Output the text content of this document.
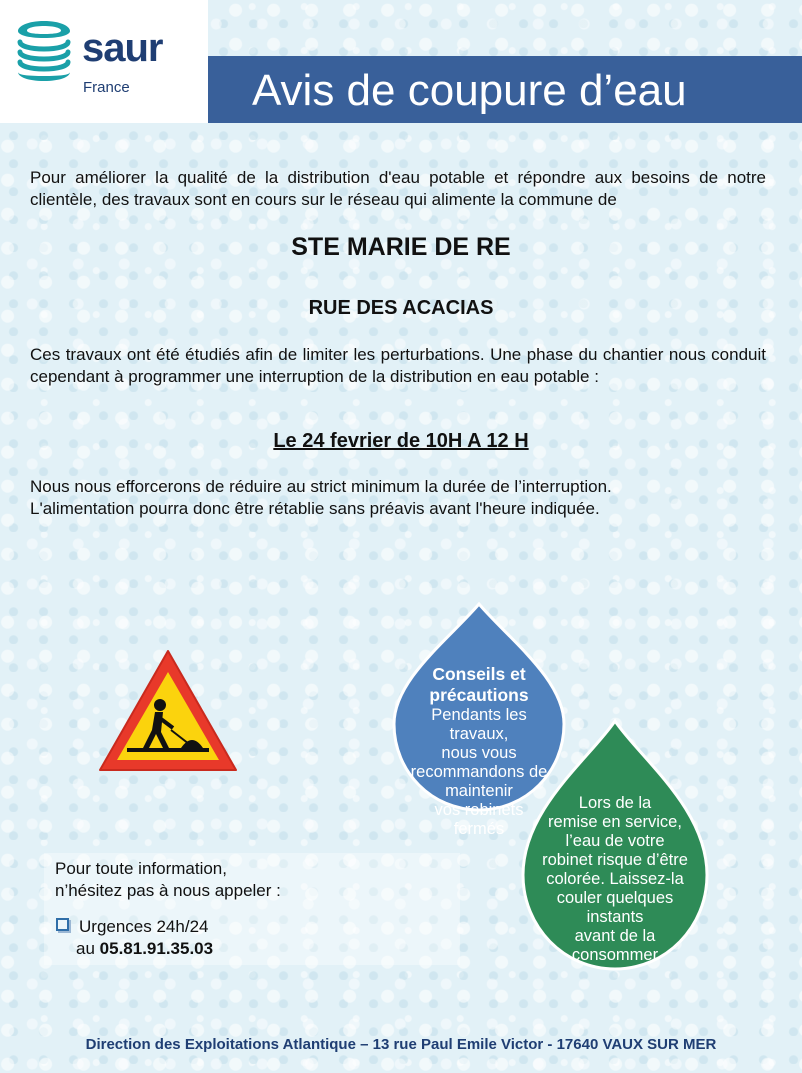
saur
France	Avis de coupure d’eau
Pour améliorer la qualité de la distribution d'eau potable et répondre aux besoins de notre clientèle, des travaux sont en cours sur le réseau qui alimente la commune de
STE MARIE DE RE
RUE DES ACACIAS
Ces travaux ont été étudiés afin de limiter les perturbations. Une phase du chantier nous conduit cependant à programmer une interruption de la distribution en eau potable :
Le 24 fevrier de 10H A 12 H
Nous nous efforcerons de réduire au strict minimum la durée de l’interruption.
L'alimentation pourra donc être rétablie sans préavis avant l'heure indiquée.
Conseils et précautions
Pendants les
travaux,
nous vous
recommandons de
maintenir
vos robinets
fermés
Lors de la
remise en service,
l’eau de votre
robinet risque d’être
colorée. Laissez-la
couler quelques
instants
avant de la
consommer
Pour toute information,
n’hésitez pas à nous appeler :
Urgences 24h/24
au 05.81.91.35.03
Direction des Exploitations Atlantique – 13 rue Paul Emile Victor - 17640 VAUX SUR MER
